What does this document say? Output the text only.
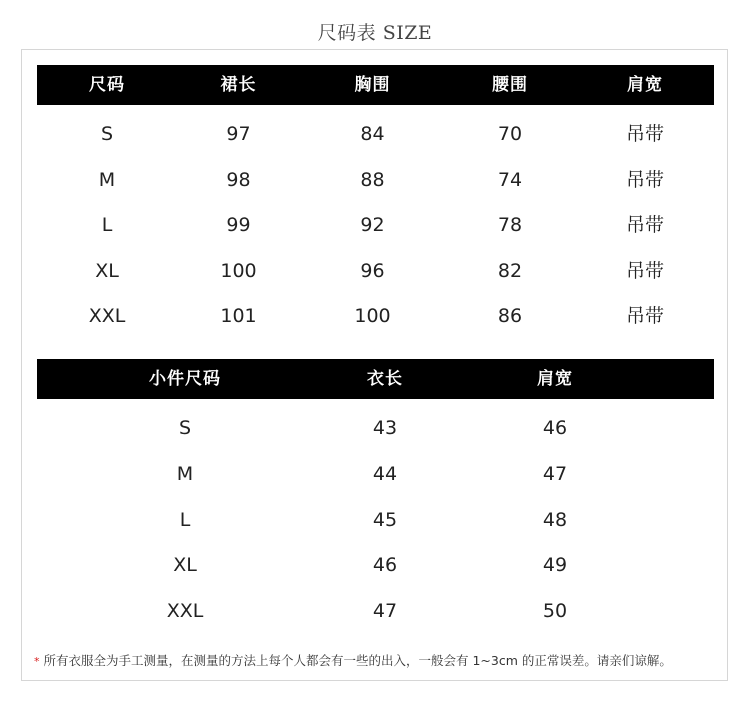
尺码表 SIZE
尺码	裙长	胸围	腰围	肩宽
S	97	84	70	吊带
M	98	88	74	吊带
L	99	92	78	吊带
XL	100	96	82	吊带
XXL	101	100	86	吊带
小件尺码	衣长	肩宽
S	43	46
M	44	47
L	45	48
XL	46	49
XXL	47	50
* 所有衣服全为手工测量，在测量的方法上每个人都会有一些的出入，一般会有 1~3cm 的正常误差。请亲们谅解。
